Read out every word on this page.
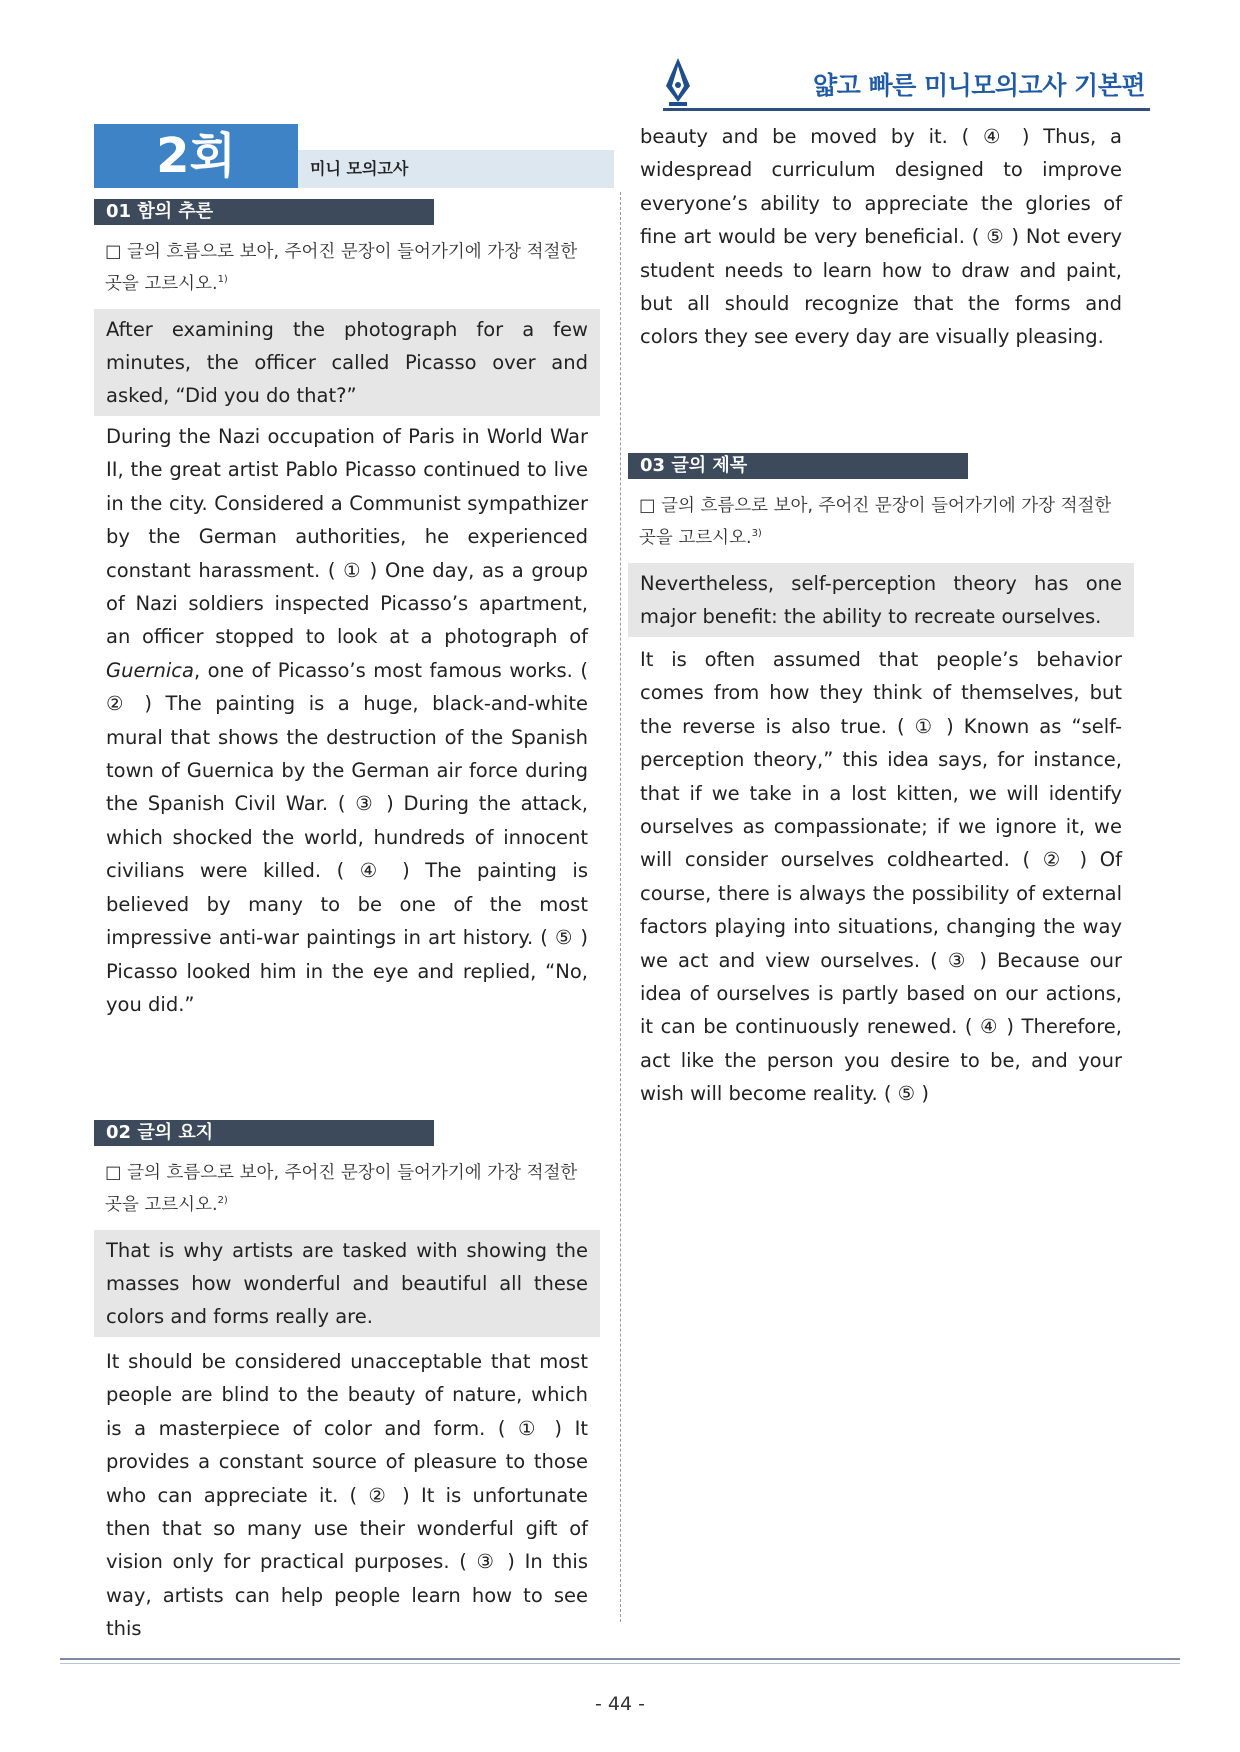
얇고 빠른 미니모의고사 기본편
2회	미니 모의고사
01 함의 추론
□ 글의 흐름으로 보아, 주어진 문장이 들어가기에 가장 적절한 곳을 고르시오.$^{1)}$
After examining the photograph for a few minutes, the officer called Picasso over and asked, “Did you do that?”
During the Nazi occupation of Paris in World War II, the great artist Pablo Picasso continued to live in the city. Considered a Communist sympathizer by the German authorities, he experienced constant harassment. ( ① ) One day, as a group of Nazi soldiers inspected Picasso’s apartment, an officer stopped to look at a photograph of Guernica, one of Picasso’s most famous works. ( ② ) The painting is a huge, black-and-white mural that shows the destruction of the Spanish town of Guernica by the German air force during the Spanish Civil War. ( ③ ) During the attack, which shocked the world, hundreds of innocent civilians were killed. ( ④ ) The painting is believed by many to be one of the most impressive anti-war paintings in art history. ( ⑤ ) Picasso looked him in the eye and replied, “No, you did.”
02 글의 요지
□ 글의 흐름으로 보아, 주어진 문장이 들어가기에 가장 적절한 곳을 고르시오.$^{2)}$
That is why artists are tasked with showing the masses how wonderful and beautiful all these colors and forms really are.
It should be considered unacceptable that most people are blind to the beauty of nature, which is a masterpiece of color and form. ( ① ) It provides a constant source of pleasure to those who can appreciate it. ( ② ) It is unfortunate then that so many use their wonderful gift of vision only for practical purposes. ( ③ ) In this way, artists can help people learn how to see this
beauty and be moved by it. ( ④ ) Thus, a widespread curriculum designed to improve everyone’s ability to appreciate the glories of fine art would be very beneficial. ( ⑤ ) Not every student needs to learn how to draw and paint, but all should recognize that the forms and colors they see every day are visually pleasing.
03 글의 제목
□ 글의 흐름으로 보아, 주어진 문장이 들어가기에 가장 적절한 곳을 고르시오.$^{3)}$
Nevertheless, self-perception theory has one major benefit: the ability to recreate ourselves.
It is often assumed that people’s behavior comes from how they think of themselves, but the reverse is also true. ( ① ) Known as “self-perception theory,” this idea says, for instance, that if we take in a lost kitten, we will identify ourselves as compassionate; if we ignore it, we will consider ourselves coldhearted. ( ② ) Of course, there is always the possibility of external factors playing into situations, changing the way we act and view ourselves. ( ③ ) Because our idea of ourselves is partly based on our actions, it can be continuously renewed. ( ④ ) Therefore, act like the person you desire to be, and your wish will become reality. ( ⑤ )
- 44 -
